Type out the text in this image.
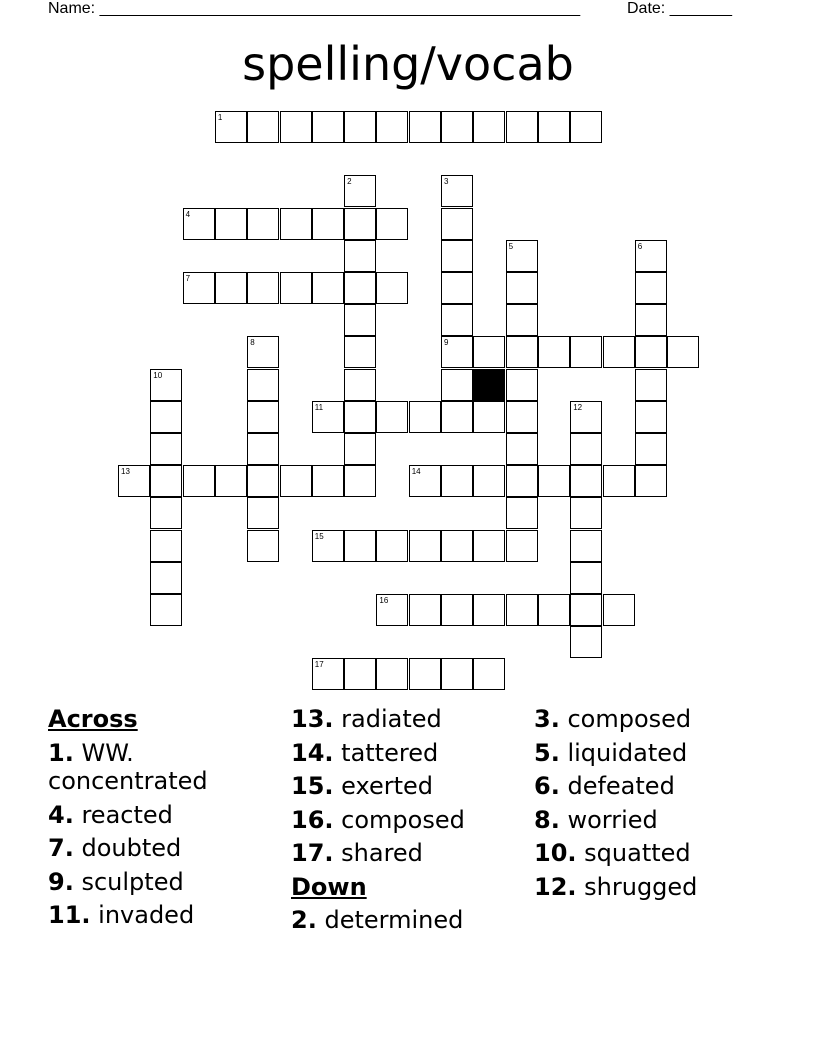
Name: ______________________________________________________	Date: _______
spelling/vocab
1
2	3
9
4
5	6
7
8
10
11	12
13	14
15
16
17
Across
1. WW.
concentrated
4. reacted
7. doubted
9. sculpted
11. invaded
13. radiated
14. tattered
15. exerted
16. composed
17. shared
Down
2. determined
3. composed
5. liquidated
6. defeated
8. worried
10. squatted
12. shrugged
